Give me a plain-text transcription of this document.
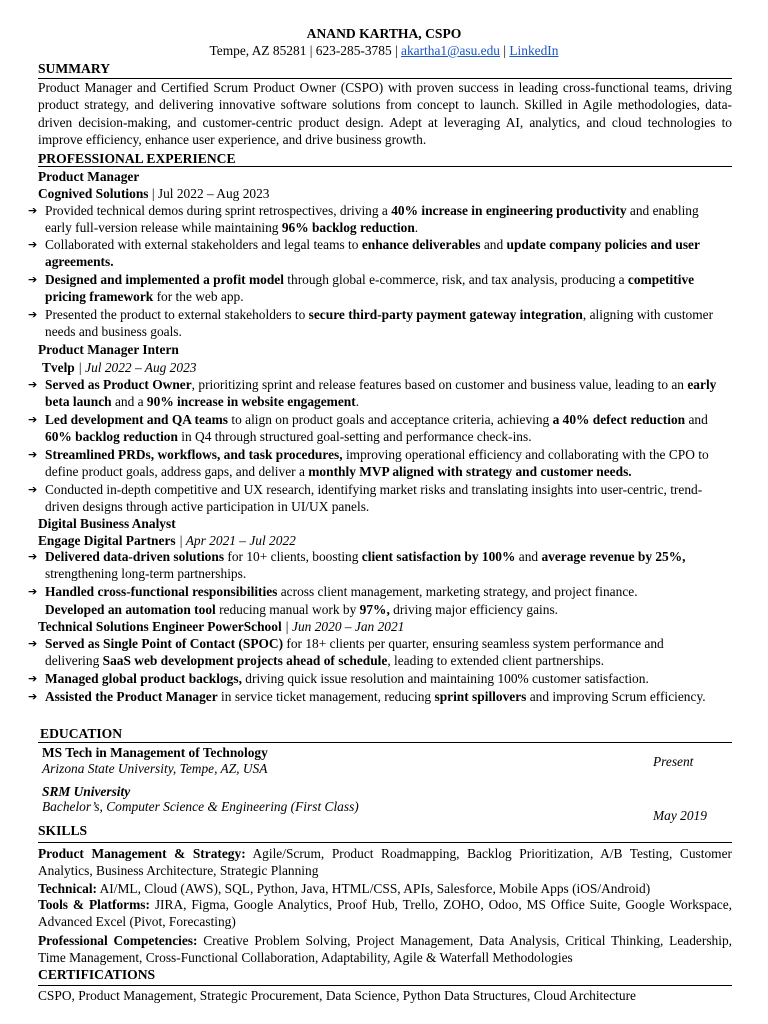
ANAND KARTHA, CSPO
Tempe, AZ 85281 | 623-285-3785 | akartha1@asu.edu | LinkedIn
SUMMARY
Product Manager and Certified Scrum Product Owner (CSPO) with proven success in leading cross-functional teams, driving product strategy, and delivering innovative software solutions from concept to launch. Skilled in Agile methodologies, data-driven decision-making, and customer-centric product design. Adept at leveraging AI, analytics, and cloud technologies to improve efficiency, enhance user experience, and drive business growth.
PROFESSIONAL EXPERIENCE
Product Manager
Cognived Solutions | Jul 2022 – Aug 2023
➔ Provided technical demos during sprint retrospectives, driving a 40% increase in engineering productivity and enabling early full-version release while maintaining 96% backlog reduction.
➔ Collaborated with external stakeholders and legal teams to enhance deliverables and update company policies and user agreements.
➔ Designed and implemented a profit model through global e-commerce, risk, and tax analysis, producing a competitive pricing framework for the web app.
➔ Presented the product to external stakeholders to secure third-party payment gateway integration, aligning with customer needs and business goals.
Product Manager Intern
Tvelp | Jul 2022 – Aug 2023
➔ Served as Product Owner, prioritizing sprint and release features based on customer and business value, leading to an early beta launch and a 90% increase in website engagement.
➔ Led development and QA teams to align on product goals and acceptance criteria, achieving a 40% defect reduction and 60% backlog reduction in Q4 through structured goal-setting and performance check-ins.
➔ Streamlined PRDs, workflows, and task procedures, improving operational efficiency and collaborating with the CPO to define product goals, address gaps, and deliver a monthly MVP aligned with strategy and customer needs.
➔ Conducted in-depth competitive and UX research, identifying market risks and translating insights into user-centric, trend-driven designs through active participation in UI/UX panels.
Digital Business Analyst
Engage Digital Partners | Apr 2021 – Jul 2022
➔ Delivered data-driven solutions for 10+ clients, boosting client satisfaction by 100% and average revenue by 25%, strengthening long-term partnerships.
➔ Handled cross-functional responsibilities across client management, marketing strategy, and project finance.
Developed an automation tool reducing manual work by 97%, driving major efficiency gains.
Technical Solutions Engineer PowerSchool | Jun 2020 – Jan 2021
➔ Served as Single Point of Contact (SPOC) for 18+ clients per quarter, ensuring seamless system performance and delivering SaaS web development projects ahead of schedule, leading to extended client partnerships.
➔ Managed global product backlogs, driving quick issue resolution and maintaining 100% customer satisfaction.
➔ Assisted the Product Manager in service ticket management, reducing sprint spillovers and improving Scrum efficiency.
EDUCATION
MS Tech in Management of Technology
Arizona State University, Tempe, AZ, USA	Present
SRM University
Bachelor’s, Computer Science & Engineering (First Class)
May 2019
SKILLS
Product Management & Strategy: Agile/Scrum, Product Roadmapping, Backlog Prioritization, A/B Testing, Customer Analytics, Business Architecture, Strategic Planning
Technical: AI/ML, Cloud (AWS), SQL, Python, Java, HTML/CSS, APIs, Salesforce, Mobile Apps (iOS/Android)
Tools & Platforms: JIRA, Figma, Google Analytics, Proof Hub, Trello, ZOHO, Odoo, MS Office Suite, Google Workspace, Advanced Excel (Pivot, Forecasting)
Professional Competencies: Creative Problem Solving, Project Management, Data Analysis, Critical Thinking, Leadership, Time Management, Cross-Functional Collaboration, Adaptability, Agile & Waterfall Methodologies
CERTIFICATIONS
CSPO, Product Management, Strategic Procurement, Data Science, Python Data Structures, Cloud Architecture
